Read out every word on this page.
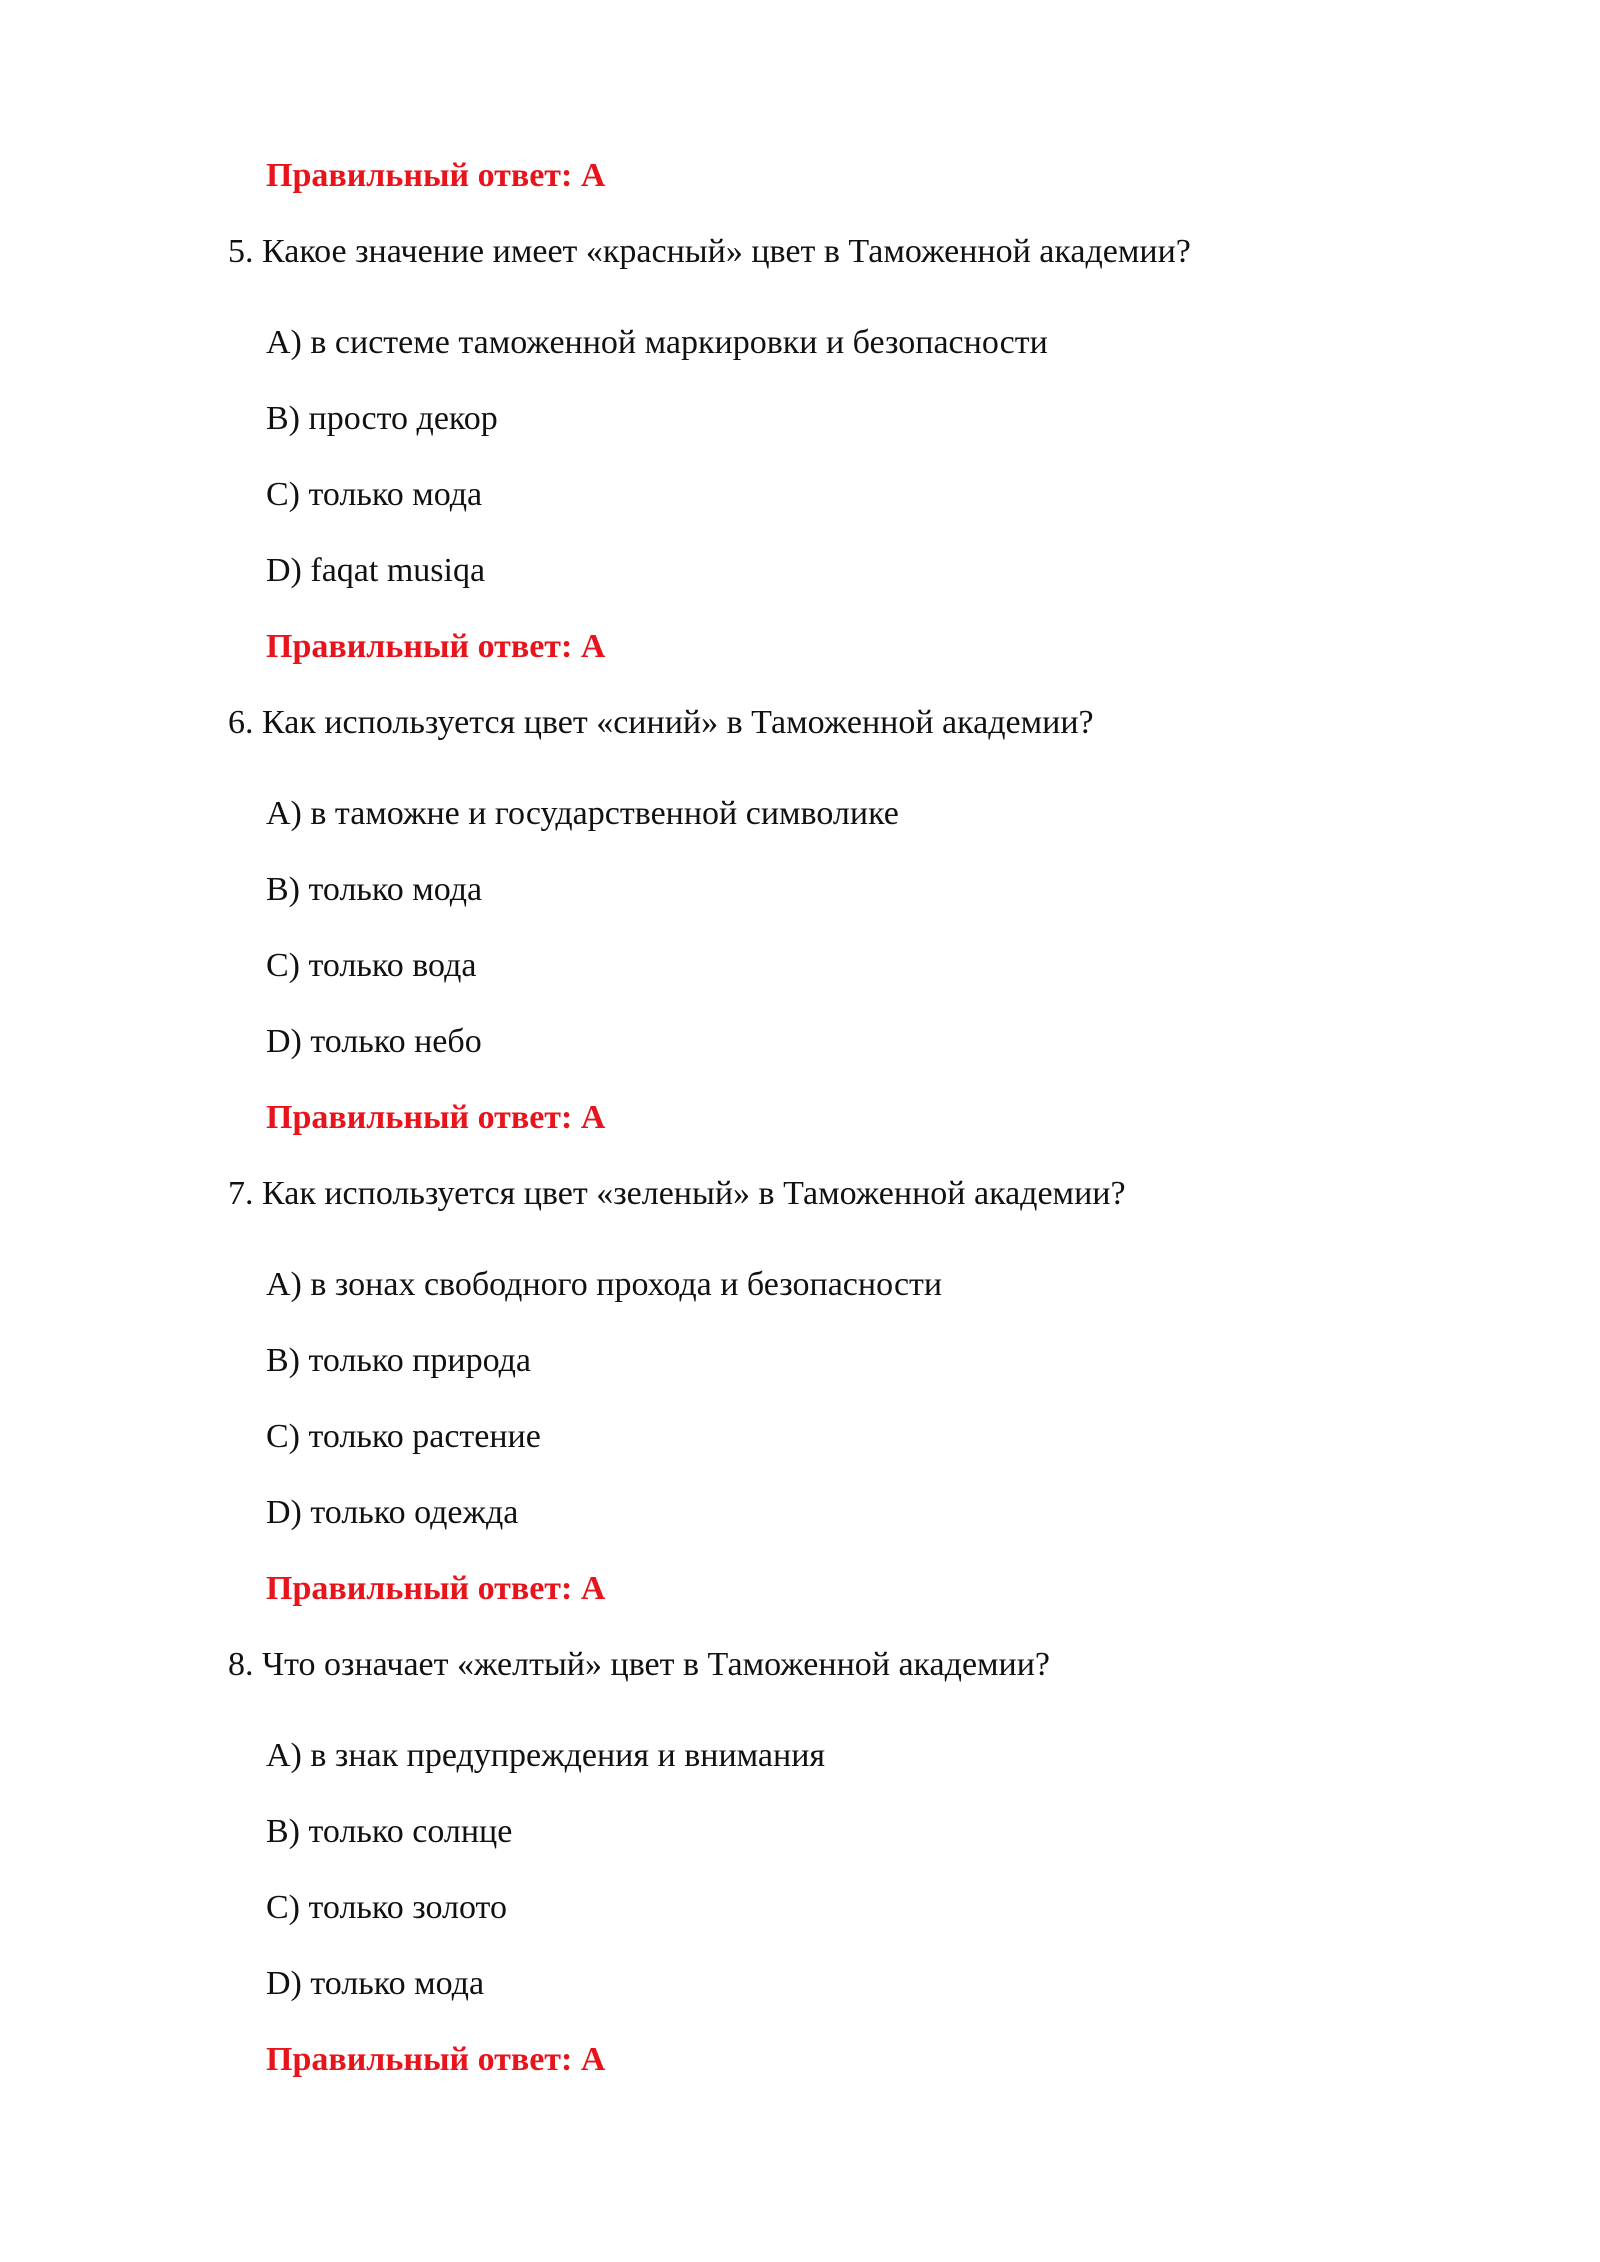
Правильный ответ: A
5. Какое значение имеет «красный» цвет в Таможенной академии?
A) в системе таможенной маркировки и безопасности
B) просто декор
C) только мода
D) faqat musiqa
Правильный ответ: A
6. Как используется цвет «синий» в Таможенной академии?
A) в таможне и государственной символике
B) только мода
C) только вода
D) только небо
Правильный ответ: A
7. Как используется цвет «зеленый» в Таможенной академии?
A) в зонах свободного прохода и безопасности
B) только природа
C) только растение
D) только одежда
Правильный ответ: A
8. Что означает «желтый» цвет в Таможенной академии?
A) в знак предупреждения и внимания
B) только солнце
C) только золото
D) только мода
Правильный ответ: A
